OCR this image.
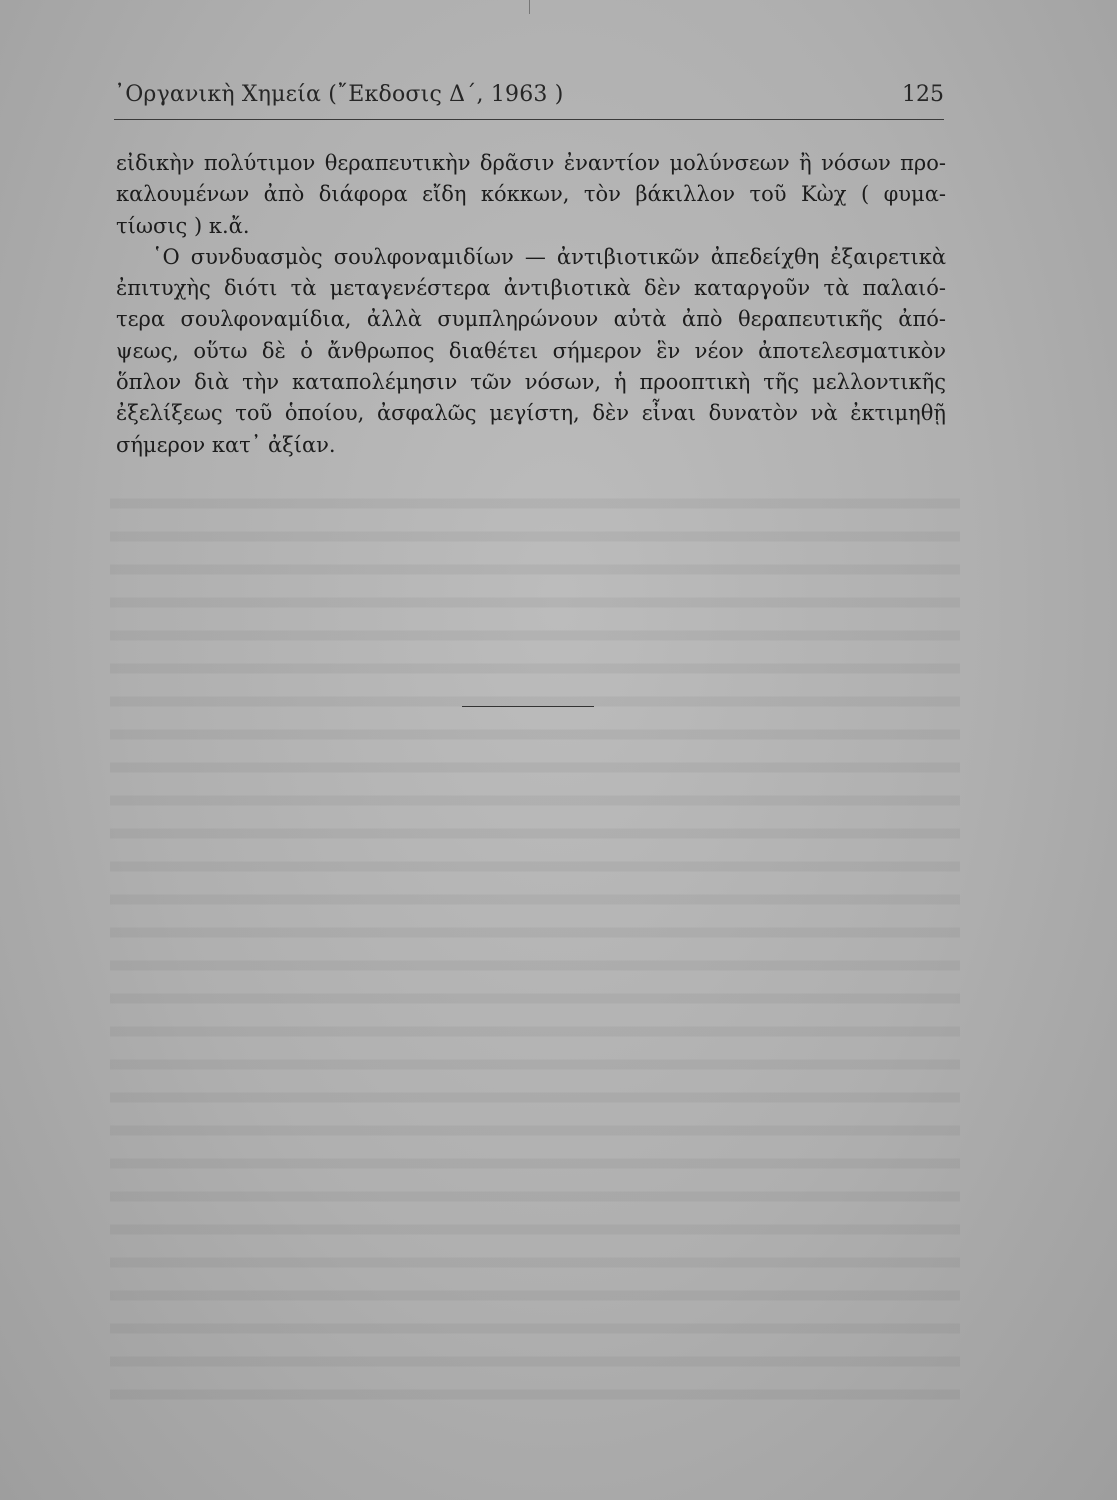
᾿Οργανικὴ Χημεία (῎Εκδοσις Δ΄, 1963 )	125
εἰδικὴν πολύτιμον θεραπευτικὴν δρᾶσιν ἐναντίον μολύνσεων ἢ νόσων προ-
καλουμένων ἀπὸ διάφορα εἴδη κόκκων, τὸν βάκιλλον τοῦ Κὼχ ( φυμα-
τίωσις ) κ.ἄ.
῾Ο συνδυασμὸς σουλφοναμιδίων — ἀντιβιοτικῶν ἀπεδείχθη ἐξαιρετικὰ
ἐπιτυχὴς διότι τὰ μεταγενέστερα ἀντιβιοτικὰ δὲν καταργοῦν τὰ παλαιό-
τερα σουλφοναμίδια, ἀλλὰ συμπληρώνουν αὐτὰ ἀπὸ θεραπευτικῆς ἀπό-
ψεως, οὕτω δὲ ὁ ἄνθρωπος διαθέτει σήμερον ἓν νέον ἀποτελεσματικὸν
ὅπλον διὰ τὴν καταπολέμησιν τῶν νόσων, ἡ προοπτικὴ τῆς μελλοντικῆς
ἐξελίξεως τοῦ ὁποίου, ἀσφαλῶς μεγίστη, δὲν εἶναι δυνατὸν νὰ ἐκτιμηθῇ
σήμερον κατ᾿ ἀξίαν.
